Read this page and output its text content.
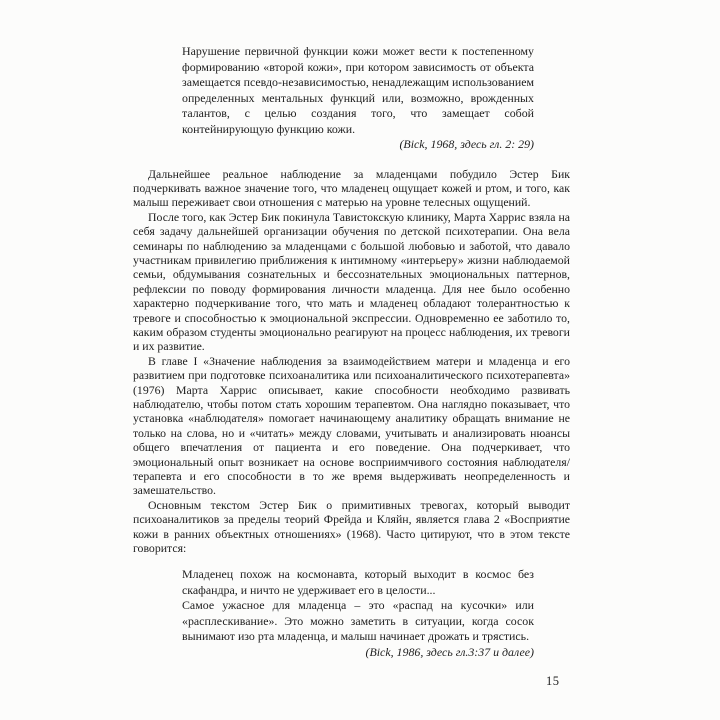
Нарушение первичной функции кожи может вести к постепенному формированию «второй кожи», при котором зависимость от объекта замещается псевдо-независимостью, ненадлежащим использованием определенных ментальных функций или, возможно, врожденных талантов, с целью создания того, что замещает собой контейнирующую функцию кожи.

(Bick, 1968, здесь гл. 2: 29)

Дальнейшее реальное наблюдение за младенцами побудило Эстер Бик подчеркивать важное значение того, что младенец ощущает кожей и ртом, и того, как малыш переживает свои отношения с матерью на уровне телесных ощущений.

После того, как Эстер Бик покинула Тавистокскую клинику, Марта Харрис взяла на себя задачу дальнейшей организации обучения по детской психотерапии. Она вела семинары по наблюдению за младенцами с большой любовью и заботой, что давало участникам привилегию приближения к интимному «интерьеру» жизни наблюдаемой семьи, обдумывания сознательных и бессознательных эмоциональных паттернов, рефлексии по поводу формирования личности младенца. Для нее было особенно характерно подчеркивание того, что мать и младенец обладают толерантностью к тревоге и способностью к эмоциональной экспрессии. Одновременно ее заботило то, каким образом студенты эмоционально реагируют на процесс наблюдения, их тревоги и их развитие.

В главе I «Значение наблюдения за взаимодействием матери и младенца и его развитием при подготовке психоаналитика или психоаналитического психотерапевта» (1976) Марта Харрис описывает, какие способности необходимо развивать наблюдателю, чтобы потом стать хорошим терапевтом. Она наглядно показывает, что установка «наблюдателя» помогает начинающему аналитику обращать внимание не только на слова, но и «читать» между словами, учитывать и анализировать нюансы общего впечатления от пациента и его поведение. Она подчеркивает, что эмоциональный опыт возникает на основе восприимчивого состояния наблюдателя/терапевта и его способности в то же время выдерживать неопределенность и замешательство.

Основным текстом Эстер Бик о примитивных тревогах, который выводит психоаналитиков за пределы теорий Фрейда и Кляйн, является глава 2 «Восприятие кожи в ранних объектных отношениях» (1968). Часто цитируют, что в этом тексте говорится:

Младенец похож на космонавта, который выходит в космос без скафандра, и ничто не удерживает его в целости...

Самое ужасное для младенца – это «распад на кусочки» или «расплескивание». Это можно заметить в ситуации, когда сосок вынимают изо рта младенца, и малыш начинает дрожать и трястись.

(Bick, 1986, здесь гл.3:37 и далее)

15
